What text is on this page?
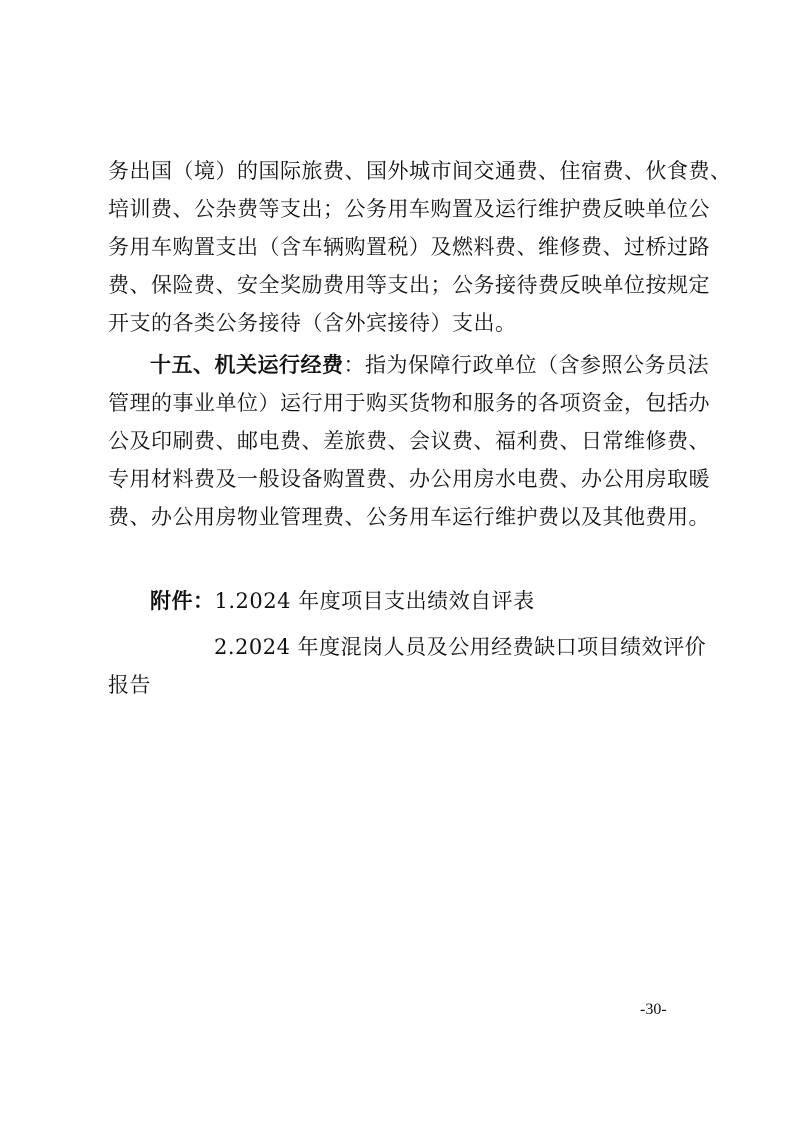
务出国（境）的国际旅费、国外城市间交通费、住宿费、伙食费、
培训费、公杂费等支出；公务用车购置及运行维护费反映单位公
务用车购置支出（含车辆购置税）及燃料费、维修费、过桥过路
费、保险费、安全奖励费用等支出；公务接待费反映单位按规定
开支的各类公务接待（含外宾接待）支出。
十五、机关运行经费：指为保障行政单位（含参照公务员法
管理的事业单位）运行用于购买货物和服务的各项资金，包括办
公及印刷费、邮电费、差旅费、会议费、福利费、日常维修费、
专用材料费及一般设备购置费、办公用房水电费、办公用房取暖
费、办公用房物业管理费、公务用车运行维护费以及其他费用。
附件：1.2024 年度项目支出绩效自评表
2.2024 年度混岗人员及公用经费缺口项目绩效评价
报告
-30-
